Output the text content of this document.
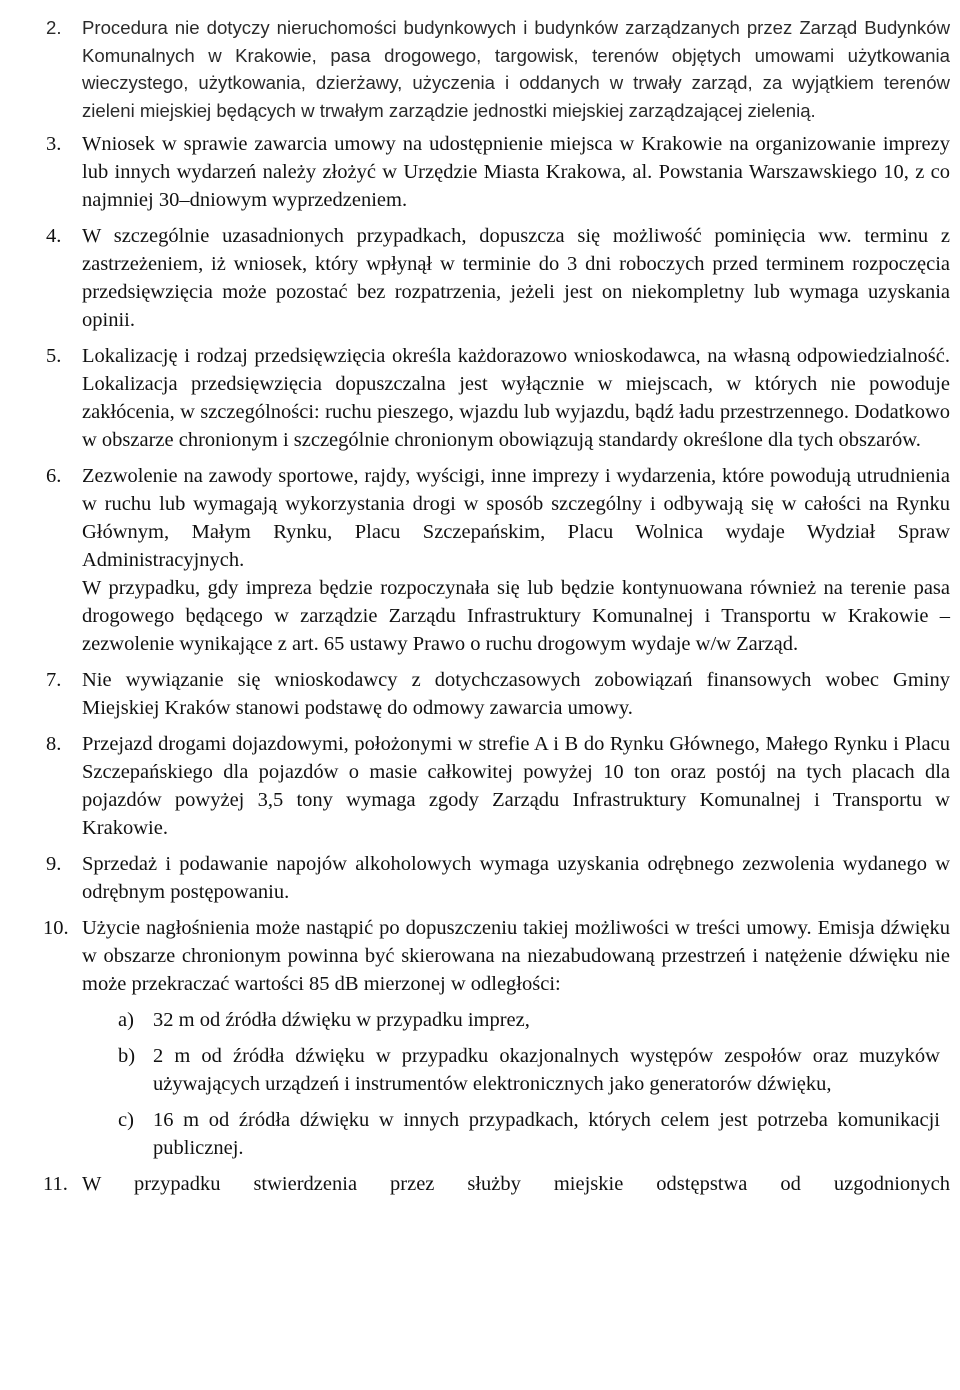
2. Procedura nie dotyczy nieruchomości budynkowych i budynków zarządzanych przez Zarząd Budynków Komunalnych w Krakowie, pasa drogowego, targowisk, terenów objętych umowami użytkowania wieczystego, użytkowania, dzierżawy, użyczenia i oddanych w trwały zarząd, za wyjątkiem terenów zieleni miejskiej będących w trwałym zarządzie jednostki miejskiej zarządzającej zielenią.
3. Wniosek w sprawie zawarcia umowy na udostępnienie miejsca w Krakowie na organizowanie imprezy lub innych wydarzeń należy złożyć w Urzędzie Miasta Krakowa, al. Powstania Warszawskiego 10, z co najmniej 30–dniowym wyprzedzeniem.
4. W szczególnie uzasadnionych przypadkach, dopuszcza się możliwość pominięcia ww. terminu z zastrzeżeniem, iż wniosek, który wpłynął w terminie do 3 dni roboczych przed terminem rozpoczęcia przedsięwzięcia może pozostać bez rozpatrzenia, jeżeli jest on niekompletny lub wymaga uzyskania opinii.
5. Lokalizację i rodzaj przedsięwzięcia określa każdorazowo wnioskodawca, na własną odpowiedzialność. Lokalizacja przedsięwzięcia dopuszczalna jest wyłącznie w miejscach, w których nie powoduje zakłócenia, w szczególności: ruchu pieszego, wjazdu lub wyjazdu, bądź ładu przestrzennego. Dodatkowo w obszarze chronionym i szczególnie chronionym obowiązują standardy określone dla tych obszarów.
6. Zezwolenie na zawody sportowe, rajdy, wyścigi, inne imprezy i wydarzenia, które powodują utrudnienia w ruchu lub wymagają wykorzystania drogi w sposób szczególny i odbywają się w całości na Rynku Głównym, Małym Rynku, Placu Szczepańskim, Placu Wolnica wydaje Wydział Spraw Administracyjnych.
W przypadku, gdy impreza będzie rozpoczynała się lub będzie kontynuowana również na terenie pasa drogowego będącego w zarządzie Zarządu Infrastruktury Komunalnej i Transportu w Krakowie – zezwolenie wynikające z art. 65 ustawy Prawo o ruchu drogowym wydaje w/w Zarząd.
7. Nie wywiązanie się wnioskodawcy z dotychczasowych zobowiązań finansowych wobec Gminy Miejskiej Kraków stanowi podstawę do odmowy zawarcia umowy.
8. Przejazd drogami dojazdowymi, położonymi w strefie A i B do Rynku Głównego, Małego Rynku i Placu Szczepańskiego dla pojazdów o masie całkowitej powyżej 10 ton oraz postój na tych placach dla pojazdów powyżej 3,5 tony wymaga zgody Zarządu Infrastruktury Komunalnej i Transportu w Krakowie.
9. Sprzedaż i podawanie napojów alkoholowych wymaga uzyskania odrębnego zezwolenia wydanego w odrębnym postępowaniu.
10. Użycie nagłośnienia może nastąpić po dopuszczeniu takiej możliwości w treści umowy. Emisja dźwięku w obszarze chronionym powinna być skierowana na niezabudowaną przestrzeń i natężenie dźwięku nie może przekraczać wartości 85 dB mierzonej w odległości:
a) 32 m od źródła dźwięku w przypadku imprez,
b) 2 m od źródła dźwięku w przypadku okazjonalnych występów zespołów oraz muzyków używających urządzeń i instrumentów elektronicznych jako generatorów dźwięku,
c) 16 m od źródła dźwięku w innych przypadkach, których celem jest potrzeba komunikacji publicznej.
11. W przypadku stwierdzenia przez służby miejskie odstępstwa od uzgodnionych
